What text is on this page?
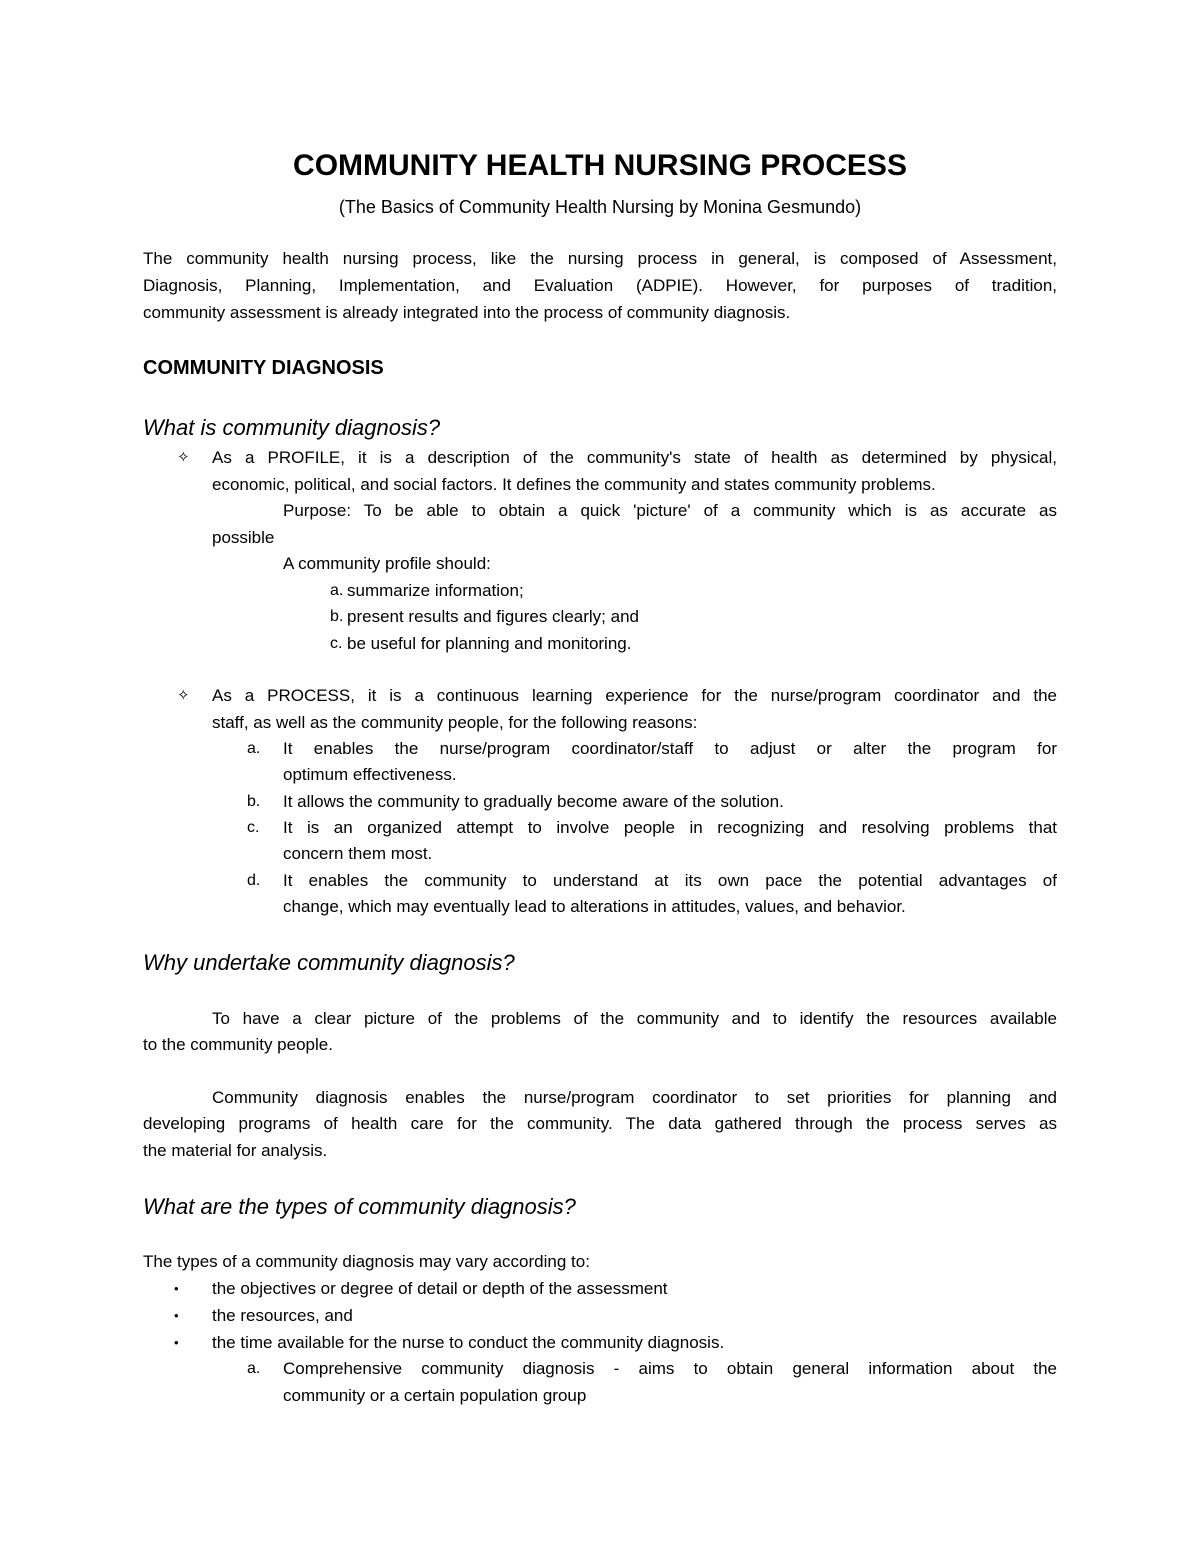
COMMUNITY HEALTH NURSING PROCESS

(The Basics of Community Health Nursing by Monina Gesmundo)

The community health nursing process, like the nursing process in general, is composed of Assessment,

Diagnosis, Planning, Implementation, and Evaluation (ADPIE). However, for purposes of tradition,

community assessment is already integrated into the process of community diagnosis.

COMMUNITY DIAGNOSIS

What is community diagnosis?

✧ As a PROFILE, it is a description of the community's state of health as determined by physical,

economic, political, and social factors. It defines the community and states community problems.

Purpose: To be able to obtain a quick 'picture' of a community which is as accurate as

possible

A community profile should:

a. summarize information;

b. present results and figures clearly; and

c. be useful for planning and monitoring.

✧ As a PROCESS, it is a continuous learning experience for the nurse/program coordinator and the

staff, as well as the community people, for the following reasons:

a. It enables the nurse/program coordinator/staff to adjust or alter the program for

optimum effectiveness.

b. It allows the community to gradually become aware of the solution.

c. It is an organized attempt to involve people in recognizing and resolving problems that

concern them most.

d. It enables the community to understand at its own pace the potential advantages of

change, which may eventually lead to alterations in attitudes, values, and behavior.

Why undertake community diagnosis?

To have a clear picture of the problems of the community and to identify the resources available

to the community people.

Community diagnosis enables the nurse/program coordinator to set priorities for planning and

developing programs of health care for the community. The data gathered through the process serves as

the material for analysis.

What are the types of community diagnosis?

The types of a community diagnosis may vary according to:

• the objectives or degree of detail or depth of the assessment

• the resources, and

• the time available for the nurse to conduct the community diagnosis.

a. Comprehensive community diagnosis - aims to obtain general information about the

community or a certain population group
